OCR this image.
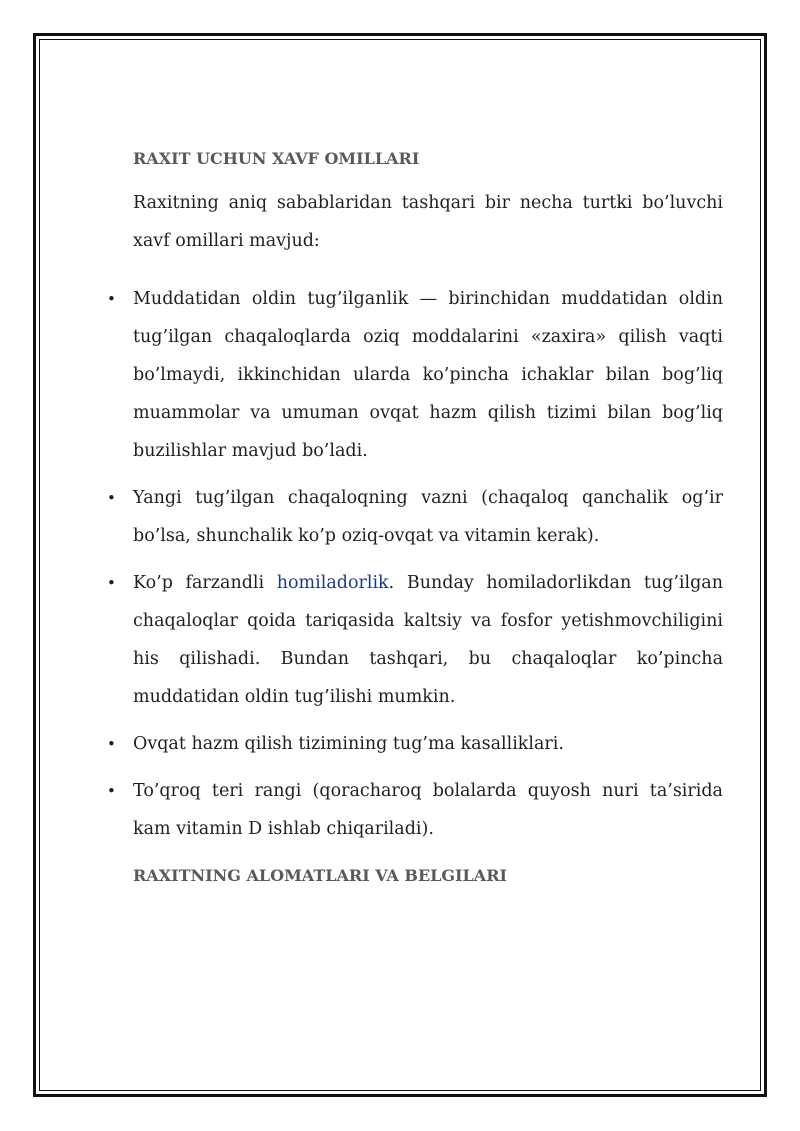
RAXIT UCHUN XAVF OMILLARI

Raxitning aniq sabablaridan tashqari bir necha turtki bo’luvchi xavf omillari mavjud:

• Muddatidan oldin tug’ilganlik — birinchidan muddatidan oldin tug’ilgan chaqaloqlarda oziq moddalarini «zaxira» qilish vaqti bo’lmaydi, ikkinchidan ularda ko’pincha ichaklar bilan bog’liq muammolar va umuman ovqat hazm qilish tizimi bilan bog’liq buzilishlar mavjud bo’ladi.
• Yangi tug’ilgan chaqaloqning vazni (chaqaloq qanchalik og’ir bo’lsa, shunchalik ko’p oziq-ovqat va vitamin kerak).
• Ko’p farzandli homiladorlik. Bunday homiladorlikdan tug’ilgan chaqaloqlar qoida tariqasida kaltsiy va fosfor yetishmovchiligini his qilishadi. Bundan tashqari, bu chaqaloqlar ko’pincha muddatidan oldin tug’ilishi mumkin.
• Ovqat hazm qilish tizimining tug’ma kasalliklari.
• To’qroq teri rangi (qoracharoq bolalarda quyosh nuri ta’sirida kam vitamin D ishlab chiqariladi).

RAXITNING ALOMATLARI VA BELGILARI
